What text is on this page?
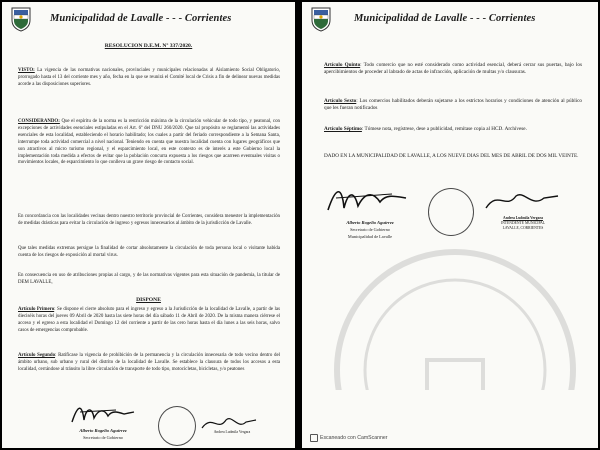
Municipalidad de Lavalle - - - Corrientes
RESOLUCION D.E.M. Nº 337/2020.

VISTO: La vigencia de las normativas nacionales, provinciales y municipales relacionadas al Aislamiento Social Obligatorio, prorrogado hasta el 13 del corriente mes y año, fecha en la que se reunirá el Comité local de Crisis a fin de delinear nuevas medidas acorde a las disposiciones superiores.

CONSIDERANDO: Que el espíritu de la norma es la restricción máxima de la circulación vehicular de todo tipo, y peatonal, con excepciones de actividades esenciales estipuladas en el Art. 6º del DNU 260/2020. Que tal propósito se reglamentó las actividades esenciales de esta localidad, estableciendo el horario habilitado; los cuales a partir del feriado correspondiente a la Semana Santa, interrumpe toda actividad comercial a nivel nacional. Teniendo en cuenta que nuestra localidad cuenta con lugares geográficos que son atractivos al micro turismo regional, y el esparcimiento local, en este contexto es de interés a este Gobierno local la implementación toda medida a efectos de evitar que la población concurra expuesta a los riesgos que acarreen eventuales visitas o movimientos locales, de esparcimiento lo que conlleva un grave riesgo de contacto social.

En concordancia con las localidades vecinas dentro nuestro territorio provincial de Corrientes, considera menester la implementación de medidas drásticas para evitar la circulación de ingreso y egresos innecesarios al ámbito de la jurisdicción de Lavalle.

Que tales medidas extremas persigue la finalidad de cortar absolutamente la circulación de toda persona local o visitante habida cuenta de los riesgos de exposición al mortal virus.

En consecuencia en uso de atribuciones propias al cargo, y de las normativas vigentes para esta situación de pandemia, la titular de DEM LAVALLE,

DISPONE

Artículo Primero: Se dispone el cierre absoluto para el ingreso y egreso a la Jurisdicción de la localidad de Lavalle, a partir de las dieciséis horas del jueves 09 Abril de 2020 hasta las siete horas del día sábado 11 de Abril de 2020. De la misma manera ciérrese el acceso y el egreso a esta localidad el Domingo 12 del corriente a partir de las cero horas hasta el día lunes a las seis horas, salvo casos de emergencias comprobable.

Artículo Segundo: Ratificase la vigencia de prohibición de la permanencia y la circulación innecesaria de todo vecino dentro del ámbito urbano, sub urbano y rural del distrito de la localidad de Lavalle. Se establece la clausura de todos los accesos a esta localidad, cerrándose al tránsito la libre circulación de transporte de todo tipo, motocicletas, bicicletas, y/o peatones

Alberto Rogelio Aguirrez
Secretario de Gobierno
Andrea Ludmila Vergara
Municipalidad de Lavalle - - - Corrientes

Artículo Quinto: Todo comercio que no esté considerado como actividad esencial, deberá cerrar sus puertas, bajo los apercibimientos de proceder al labrado de actas de infracción, aplicación de multas y/o clausuras.

Artículo Sexto: Los comercios habilitados deberán sujetarse a los estrictos horarios y condiciones de atención al público que les fueran notificados

Artículo Séptimo: Tómese nota, regístrese, dese a publicidad, remítase copia al HCD. Archívese.

DADO EN LA MUNICIPALIDAD DE LAVALLE, A LOS NUEVE DIAS DEL MES DE ABRIL DE DOS MIL VEINTE.

Alberto Rogelio Aguirrez
Secretario de Gobierno
Municipalidad de Lavalle
Andrea Ludmila Vergara
INTENDENTE MUNICIPAL
LAVALLE, CORRIENTES
Escaneado con CamScanner
